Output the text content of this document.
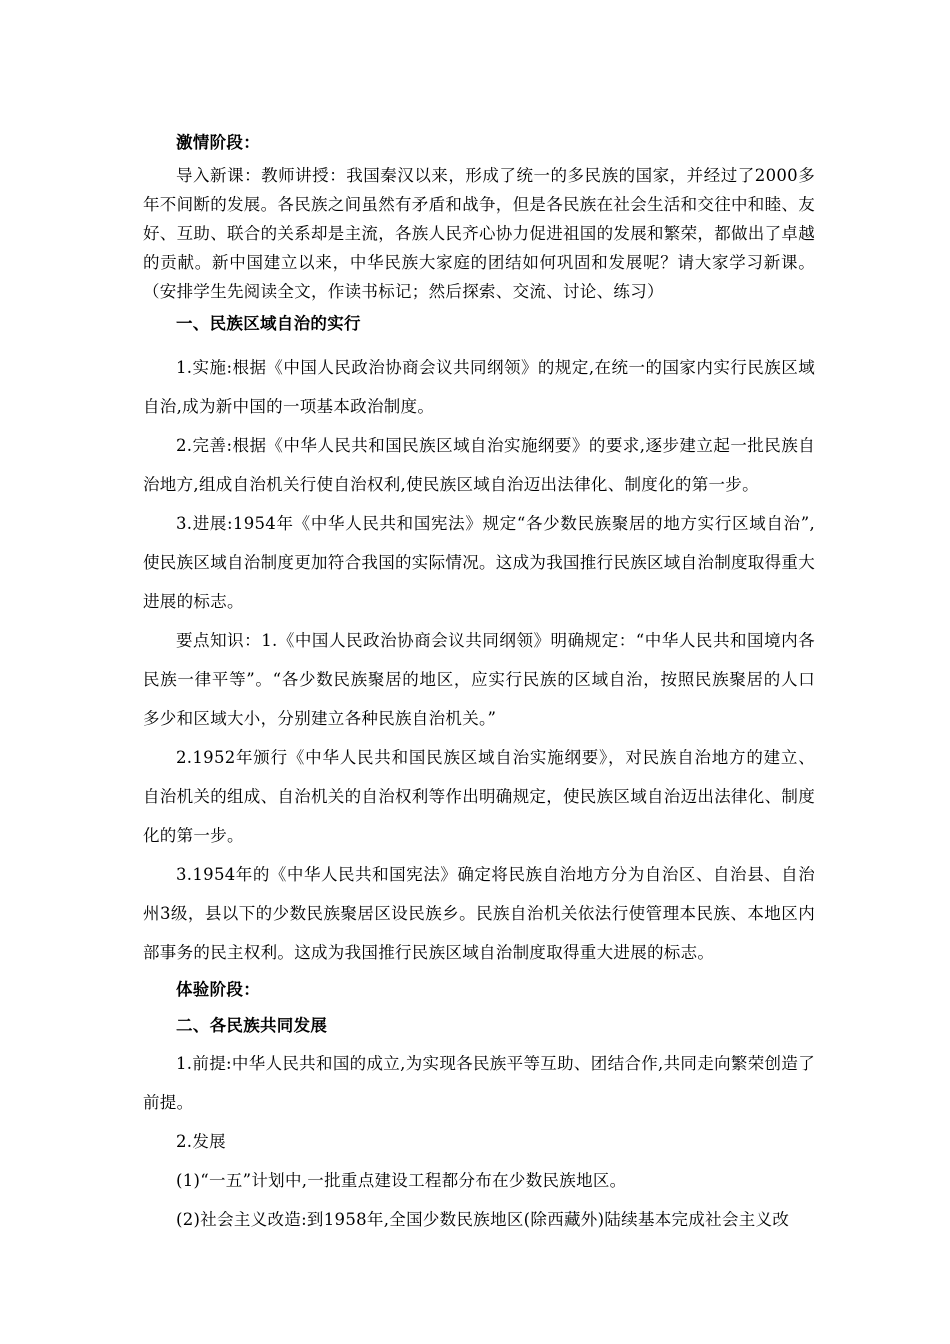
激情阶段：

导入新课：教师讲授：我国秦汉以来，形成了统一的多民族的国家，并经过了2000多年不间断的发展。各民族之间虽然有矛盾和战争，但是各民族在社会生活和交往中和睦、友好、互助、联合的关系却是主流，各族人民齐心协力促进祖国的发展和繁荣，都做出了卓越的贡献。新中国建立以来，中华民族大家庭的团结如何巩固和发展呢？请大家学习新课。（安排学生先阅读全文，作读书标记；然后探索、交流、讨论、练习）

一、民族区域自治的实行

1.实施:根据《中国人民政治协商会议共同纲领》的规定,在统一的国家内实行民族区域自治,成为新中国的一项基本政治制度。

2.完善:根据《中华人民共和国民族区域自治实施纲要》的要求,逐步建立起一批民族自治地方,组成自治机关行使自治权利,使民族区域自治迈出法律化、制度化的第一步。

3.进展:1954年《中华人民共和国宪法》规定“各少数民族聚居的地方实行区域自治”,使民族区域自治制度更加符合我国的实际情况。这成为我国推行民族区域自治制度取得重大进展的标志。

要点知识：1.《中国人民政治协商会议共同纲领》明确规定：“中华人民共和国境内各民族一律平等”。“各少数民族聚居的地区，应实行民族的区域自治，按照民族聚居的人口多少和区域大小，分别建立各种民族自治机关。”

2.1952年颁行《中华人民共和国民族区域自治实施纲要》，对民族自治地方的建立、自治机关的组成、自治机关的自治权利等作出明确规定，使民族区域自治迈出法律化、制度化的第一步。

3.1954年的《中华人民共和国宪法》确定将民族自治地方分为自治区、自治县、自治州3级，县以下的少数民族聚居区设民族乡。民族自治机关依法行使管理本民族、本地区内部事务的民主权利。这成为我国推行民族区域自治制度取得重大进展的标志。

体验阶段：

二、各民族共同发展

1.前提:中华人民共和国的成立,为实现各民族平等互助、团结合作,共同走向繁荣创造了前提。

2.发展

(1)“一五”计划中,一批重点建设工程都分布在少数民族地区。

(2)社会主义改造:到1958年,全国少数民族地区(除西藏外)陆续基本完成社会主义改
